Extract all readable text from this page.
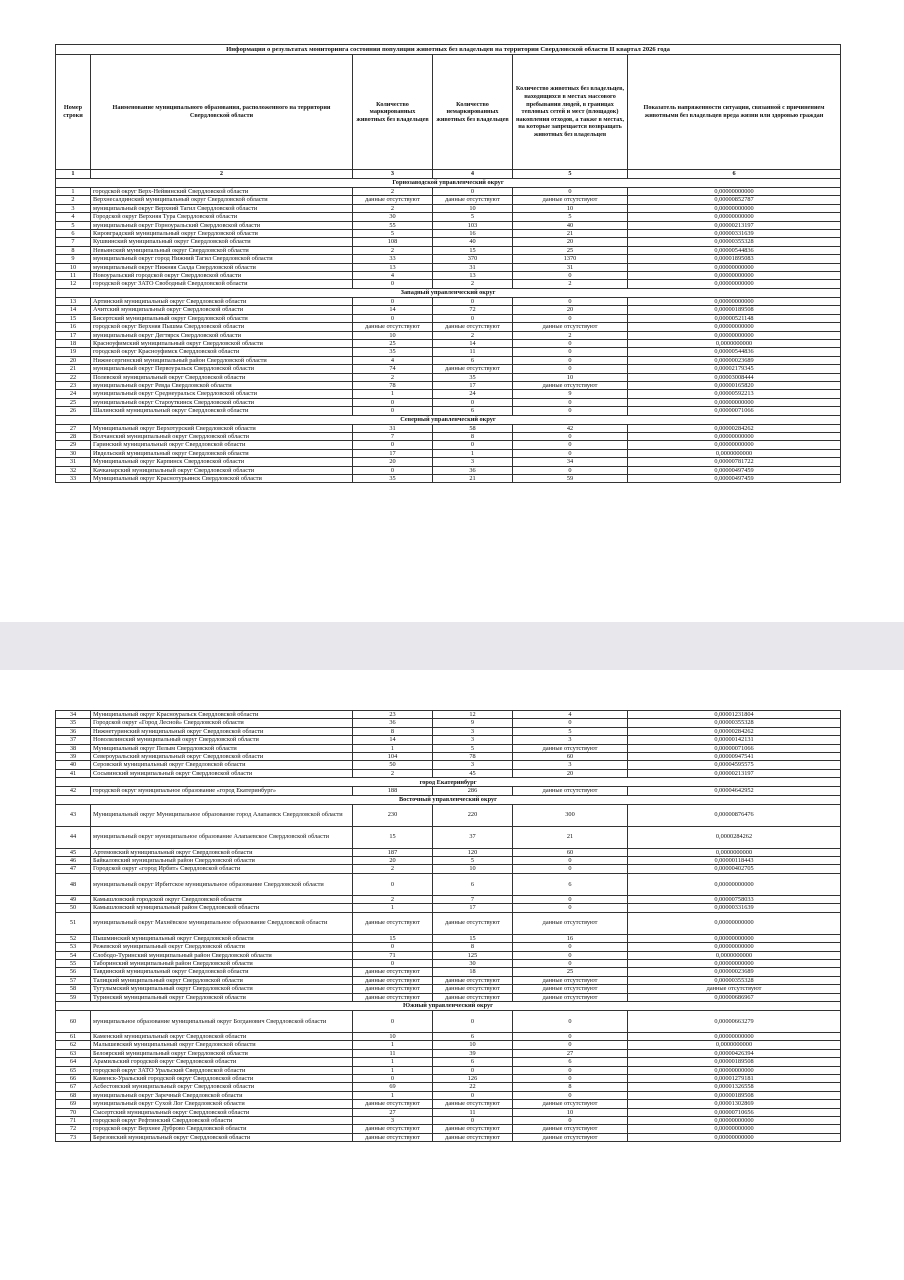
Информация о результатах мониторинга состояния популяции животных без владельцев на территории Свердловской области II квартал 2026 года					
Номер строки	Наименование муниципального образования, расположенного на территории Свердловской области	Количество маркированных животных без владельцев	Количество немаркированных животных без владельцев	Количество животных без владельцев, находящихся в местах массового пребывания людей, в границах тепловых сетей и мест (площадок) накопления отходов, а также в местах, на которые запрещается возвращать животных без владельцев	Показатель напряженности ситуации, связанной с причинением животными без владельцев вреда жизни или здоровью граждан
1	2	3	4	5	6
Горнозаводской управленческий округ					
1	городской округ Верх-Нейвинский Свердловской области	2	0	0	0,00000000000
2	Верхнесалдинский муниципальный округ Свердловской области	данные отсутствуют	данные отсутствуют	данные отсутствуют	0,00000852787
3	муниципальный округ Верхний Тагил Свердловской области	2	10	10	0,00000000000
4	Городской округ Верхняя Тура Свердловской области	30	5	5	0,00000000000
5	муниципальный округ Горноуральский Свердловской области	55	103	40	0,00000213197
6	Кировградский муниципальный округ Свердловской области	5	16	21	0,00000331639
7	Кушвинский муниципальный округ Свердловской области	108	40	20	0,00000355328
8	Невьянский муниципальный округ Свердловской области	2	15	25	0,00000544836
9	муниципальный округ город Нижний Тагил Свердловской области	33	370	1370	0,00001895083
10	муниципальный округ Нижняя Салда Свердловской области	13	31	31	0,00000000000
11	Новоуральский городской округ Свердловской области	4	13	0	0,00000000000
12	городской округ ЗАТО Свободный Свердловской области	0	2	2	0,00000000000
Западный управленческий округ					
13	Артинский муниципальный округ Свердловской области	0	0	0	0,00000000000
14	Ачитский муниципальный округ Свердловской области	14	72	20	0,00000189508
15	Бисертский муниципальный округ Свердловской области	0	0	0	0,00000521148
16	городской округ Верхняя Пышма Свердловской области	данные отсутствуют	данные отсутствуют	данные отсутствуют	0,00000000000
17	муниципальный округ Дегтярск Свердловской области	10	2	2	0,00000000000
18	Красноуфимский муниципальный округ Свердловской области	25	14	0	0,0000000000
19	городской округ Красноуфимск Свердловской области	35	11	0	0,00000544836
20	Нижнесергинский муниципальный район Свердловской области	4	6	0	0,00000023689
21	муниципальный округ Первоуральск Свердловской области	74	данные отсутствуют	0	0,00002179345
22	Полевской муниципальный округ Свердловской области	2	35	10	0,00003008444
23	муниципальный округ Ревда Свердловской области	78	17	данные отсутствуют	0,00000165820
24	муниципальный округ Среднеуральск Свердловской области	1	24	9	0,00000592213
25	муниципальный округ Староуткинск Свердловской области	0	0	0	0,00000000000
26	Шалинский муниципальный округ Свердловской области	0	6	0	0,00000071066
Северный управленческий округ					
27	Муниципальный округ Верхотурский Свердловской области	31	58	42	0,00000284262
28	Волчанский муниципальный округ Свердловской области	7	8	0	0,00000000000
29	Гаринский муниципальный округ Свердловской области	0	0	0	0,00000000000
30	Ивдельский муниципальный округ Свердловской области	17	1	0	0,0000000000
31	Муниципальный округ Карпинск Свердловской области	20	3	34	0,00000781722
32	Качканарский муниципальный округ Свердловской области	0	36	0	0,00000497459
33	Муниципальный округ Краснотурьинск Свердловской области	35	21	59	0,00000497459
34	Муниципальный округ Красноуральск Свердловской области	23	12	4	0,00001231804
35	Городской округ «Город Лесной» Свердловской области	36	9	0	0,00000355328
36	Нижнетуринский муниципальный округ Свердловской области	8	3	5	0,00000284262
37	Новолялинский муниципальный округ Свердловской области	14	3	3	0,00000142131
38	Муниципальный округ Пелым Свердловской области	1	5	данные отсутствуют	0,00000071066
39	Североуральский муниципальный округ Свердловской области	104	78	60	0,00000947541
40	Серовский муниципальный округ Свердловской области	50	3	3	0,00004595575
41	Сосьвинский муниципальный округ Свердловской области	2	45	20	0,00000213197
город Екатеринбург					
42	городской округ муниципальное образование «город Екатеринбург»	188	286	данные отсутствуют	0,00004642952
Восточный управленческий округ					
43	Муниципальный округ Муниципальное образование город Алапаевск Свердловской области	230	220	300	0,00000876476
44	муниципальный округ муниципальное образование Алапаевское Свердловской области	15	37	21	0,0000284262
45	Артемовский муниципальный округ Свердловской области	187	120	60	0,0000000000
46	Байкаловский муниципальный район Свердловской области	20	5	0	0,00000118443
47	Городской округ «город Ирбит» Свердловской области	2	10	0	0,00000402705
48	муниципальный округ Ирбитское муниципальное образование Свердловской области	0	6	6	0,00000000000
49	Камышловский городской округ Свердловской области	2	7	0	0,00000758033
50	Камышловский муниципальный район Свердловской области	1	17	0	0,00000331639
51	муниципальный округ Махнёвское муниципальное образование Свердловской области	данные отсутствуют	данные отсутствуют	данные отсутствуют	0,00000000000
52	Пышминский муниципальный округ Свердловской области	15	15	16	0,00000000000
53	Режевской муниципальный округ Свердловской области	0	8	0	0,00000000000
54	Слободо-Туринский муниципальный район Свердловской области	71	125	0	0,0000000000
55	Таборинский муниципальный район Свердловской области	0	30	0	0,00000000000
56	Тавдинский муниципальный округ Свердловской области	данные отсутствуют	18	25	0,00000023689
57	Талицкий муниципальный округ Свердловской области	данные отсутствуют	данные отсутствуют	данные отсутствуют	0,00000355328
58	Тугулымский муниципальный округ Свердловской области	данные отсутствуют	данные отсутствуют	данные отсутствуют	данные отсутствуют
59	Туринский муниципальный округ Свердловской области	данные отсутствуют	данные отсутствуют	данные отсутствуют	0,00000686967
Южный управленческий округ					
60	муниципальное образование муниципальный округ Богданович Свердловской области	0	0	0	0,00000663279
61	Каменский муниципальный округ Свердловской области	10	6	0	0,00000000000
62	Малышевский муниципальный округ Свердловской области	1	10	0	0,0000000000
63	Белоярский муниципальный округ Свердловской области	11	39	27	0,00000426394
64	Арамильский городской округ Свердловской области	1	6	6	0,00000189508
65	городской округ ЗАТО Уральский Свердловской области	1	0	0	0,00000000000
66	Каменск-Уральский городской округ Свердловской области	0	126	0	0,00001279181
67	Асбестовский муниципальный округ Свердловской области	69	22	8	0,00001326558
68	муниципальный округ Заречный Свердловской области	1	0	0	0,00000189508
69	муниципальный округ Сухой Лог Свердловской области	данные отсутствуют	данные отсутствуют	данные отсутствуют	0,00001302869
70	Сысертский муниципальный округ Свердловской области	27	11	10	0,00000710656
71	городской округ Рефтинский Свердловской области	3	0	0	0,00000000000
72	городской округ Верхнее Дуброво Свердловской области	данные отсутствуют	данные отсутствуют	данные отсутствуют	0,00000000000
73	Березовский муниципальный округ Свердловской области	данные отсутствуют	данные отсутствуют	данные отсутствуют	0,00000000000
